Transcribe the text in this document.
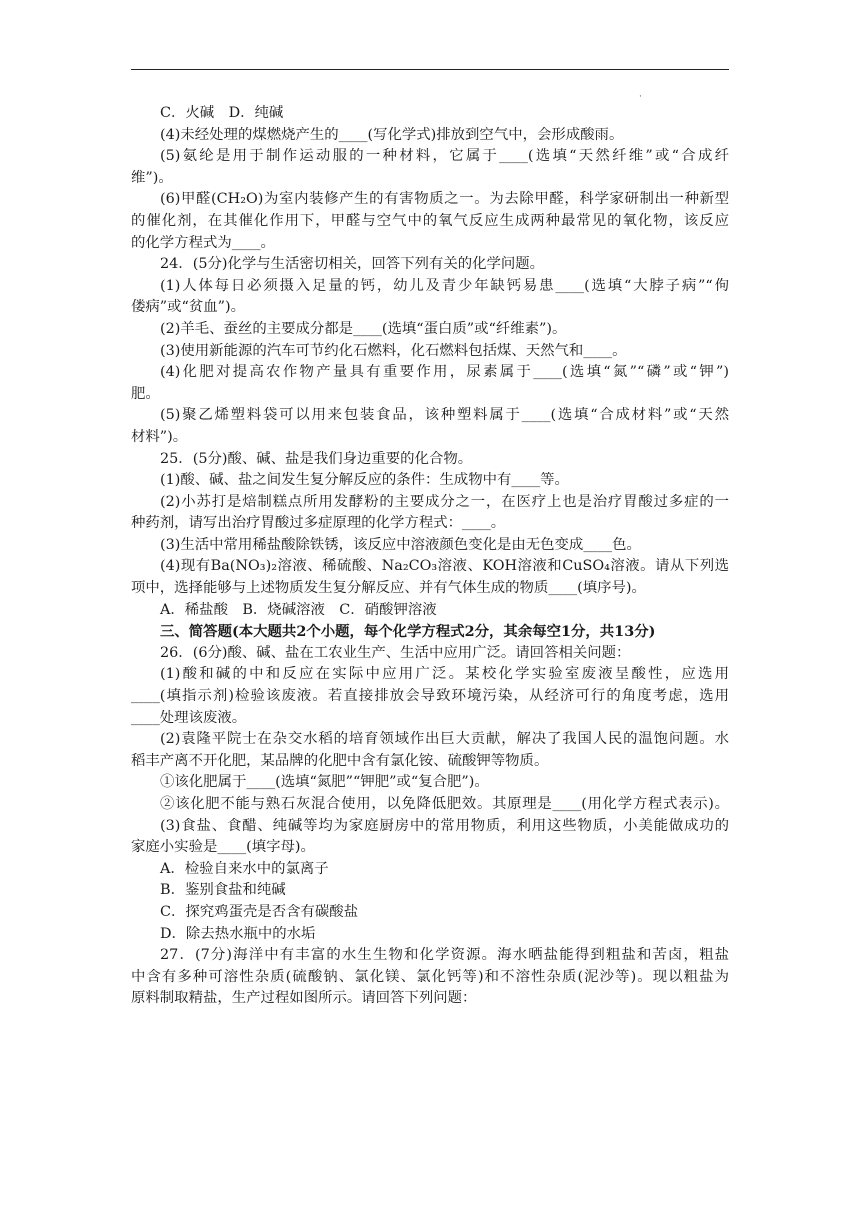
·
C．火碱　D．纯碱
(4)未经处理的煤燃烧产生的____(写化学式)排放到空气中，会形成酸雨。
(5)氨纶是用于制作运动服的一种材料，它属于____(选填“天然纤维”或“合成纤
维”)。
(6)甲醛(CH₂O)为室内装修产生的有害物质之一。为去除甲醛，科学家研制出一种新型
的催化剂，在其催化作用下，甲醛与空气中的氧气反应生成两种最常见的氧化物，该反应
的化学方程式为____。
24．(5分)化学与生活密切相关，回答下列有关的化学问题。
(1)人体每日必须摄入足量的钙，幼儿及青少年缺钙易患____(选填“大脖子病”“佝
偻病”或“贫血”)。
(2)羊毛、蚕丝的主要成分都是____(选填“蛋白质”或“纤维素”)。
(3)使用新能源的汽车可节约化石燃料，化石燃料包括煤、天然气和____。
(4)化肥对提高农作物产量具有重要作用，尿素属于____(选填“氮”“磷”或“钾”)
肥。
(5)聚乙烯塑料袋可以用来包装食品，该种塑料属于____(选填“合成材料”或“天然
材料”)。
25．(5分)酸、碱、盐是我们身边重要的化合物。
(1)酸、碱、盐之间发生复分解反应的条件：生成物中有____等。
(2)小苏打是焙制糕点所用发酵粉的主要成分之一，在医疗上也是治疗胃酸过多症的一
种药剂，请写出治疗胃酸过多症原理的化学方程式：____。
(3)生活中常用稀盐酸除铁锈，该反应中溶液颜色变化是由无色变成____色。
(4)现有Ba(NO₃)₂溶液、稀硫酸、Na₂CO₃溶液、KOH溶液和CuSO₄溶液。请从下列选
项中，选择能够与上述物质发生复分解反应、并有气体生成的物质____(填序号)。
A．稀盐酸　B．烧碱溶液　C．硝酸钾溶液
三、简答题(本大题共2个小题，每个化学方程式2分，其余每空1分，共13分)
26．(6分)酸、碱、盐在工农业生产、生活中应用广泛。请回答相关问题：
(1)酸和碱的中和反应在实际中应用广泛。某校化学实验室废液呈酸性，应选用
____(填指示剂)检验该废液。若直接排放会导致环境污染，从经济可行的角度考虑，选用
____处理该废液。
(2)袁隆平院士在杂交水稻的培育领域作出巨大贡献，解决了我国人民的温饱问题。水
稻丰产离不开化肥，某品牌的化肥中含有氯化铵、硫酸钾等物质。
①该化肥属于____(选填“氮肥”“钾肥”或“复合肥”)。
②该化肥不能与熟石灰混合使用，以免降低肥效。其原理是____(用化学方程式表示)。
(3)食盐、食醋、纯碱等均为家庭厨房中的常用物质，利用这些物质，小美能做成功的
家庭小实验是____(填字母)。
A．检验自来水中的氯离子
B．鉴别食盐和纯碱
C．探究鸡蛋壳是否含有碳酸盐
D．除去热水瓶中的水垢
27．(7分)海洋中有丰富的水生生物和化学资源。海水晒盐能得到粗盐和苦卤，粗盐
中含有多种可溶性杂质(硫酸钠、氯化镁、氯化钙等)和不溶性杂质(泥沙等)。现以粗盐为
原料制取精盐，生产过程如图所示。请回答下列问题：
